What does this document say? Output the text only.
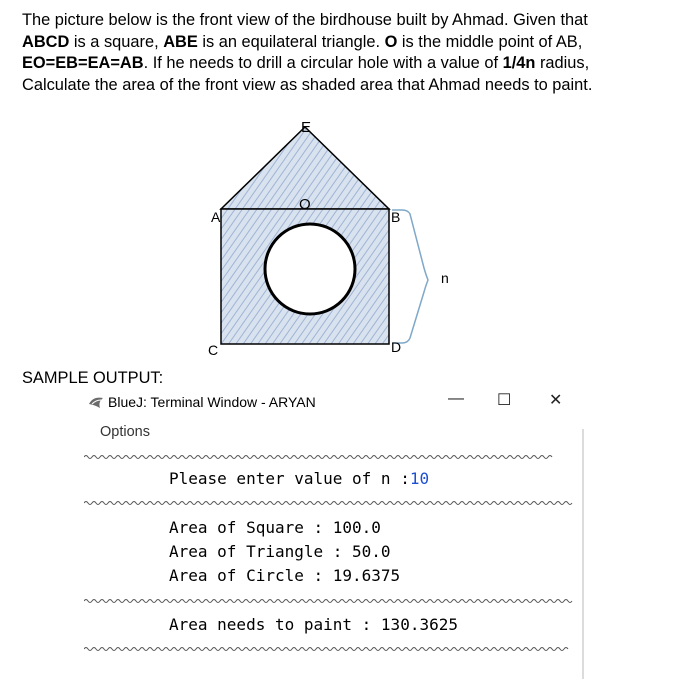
The picture below is the front view of the birdhouse built by Ahmad. Given that

ABCD is a square, ABE is an equilateral triangle. O is the middle point of AB,

EO=EB=EA=AB. If he needs to drill a circular hole with a value of 1/4n radius,

Calculate the area of the front view as shaded area that Ahmad needs to paint.

E
O
A	B
C	D
n
SAMPLE OUTPUT:
BlueJ: Terminal Window - ARYAN	— ☐ ✕
Options
Please enter value of n :10
Area of Square : 100.0
Area of Triangle : 50.0
Area of Circle : 19.6375
Area needs to paint : 130.3625
